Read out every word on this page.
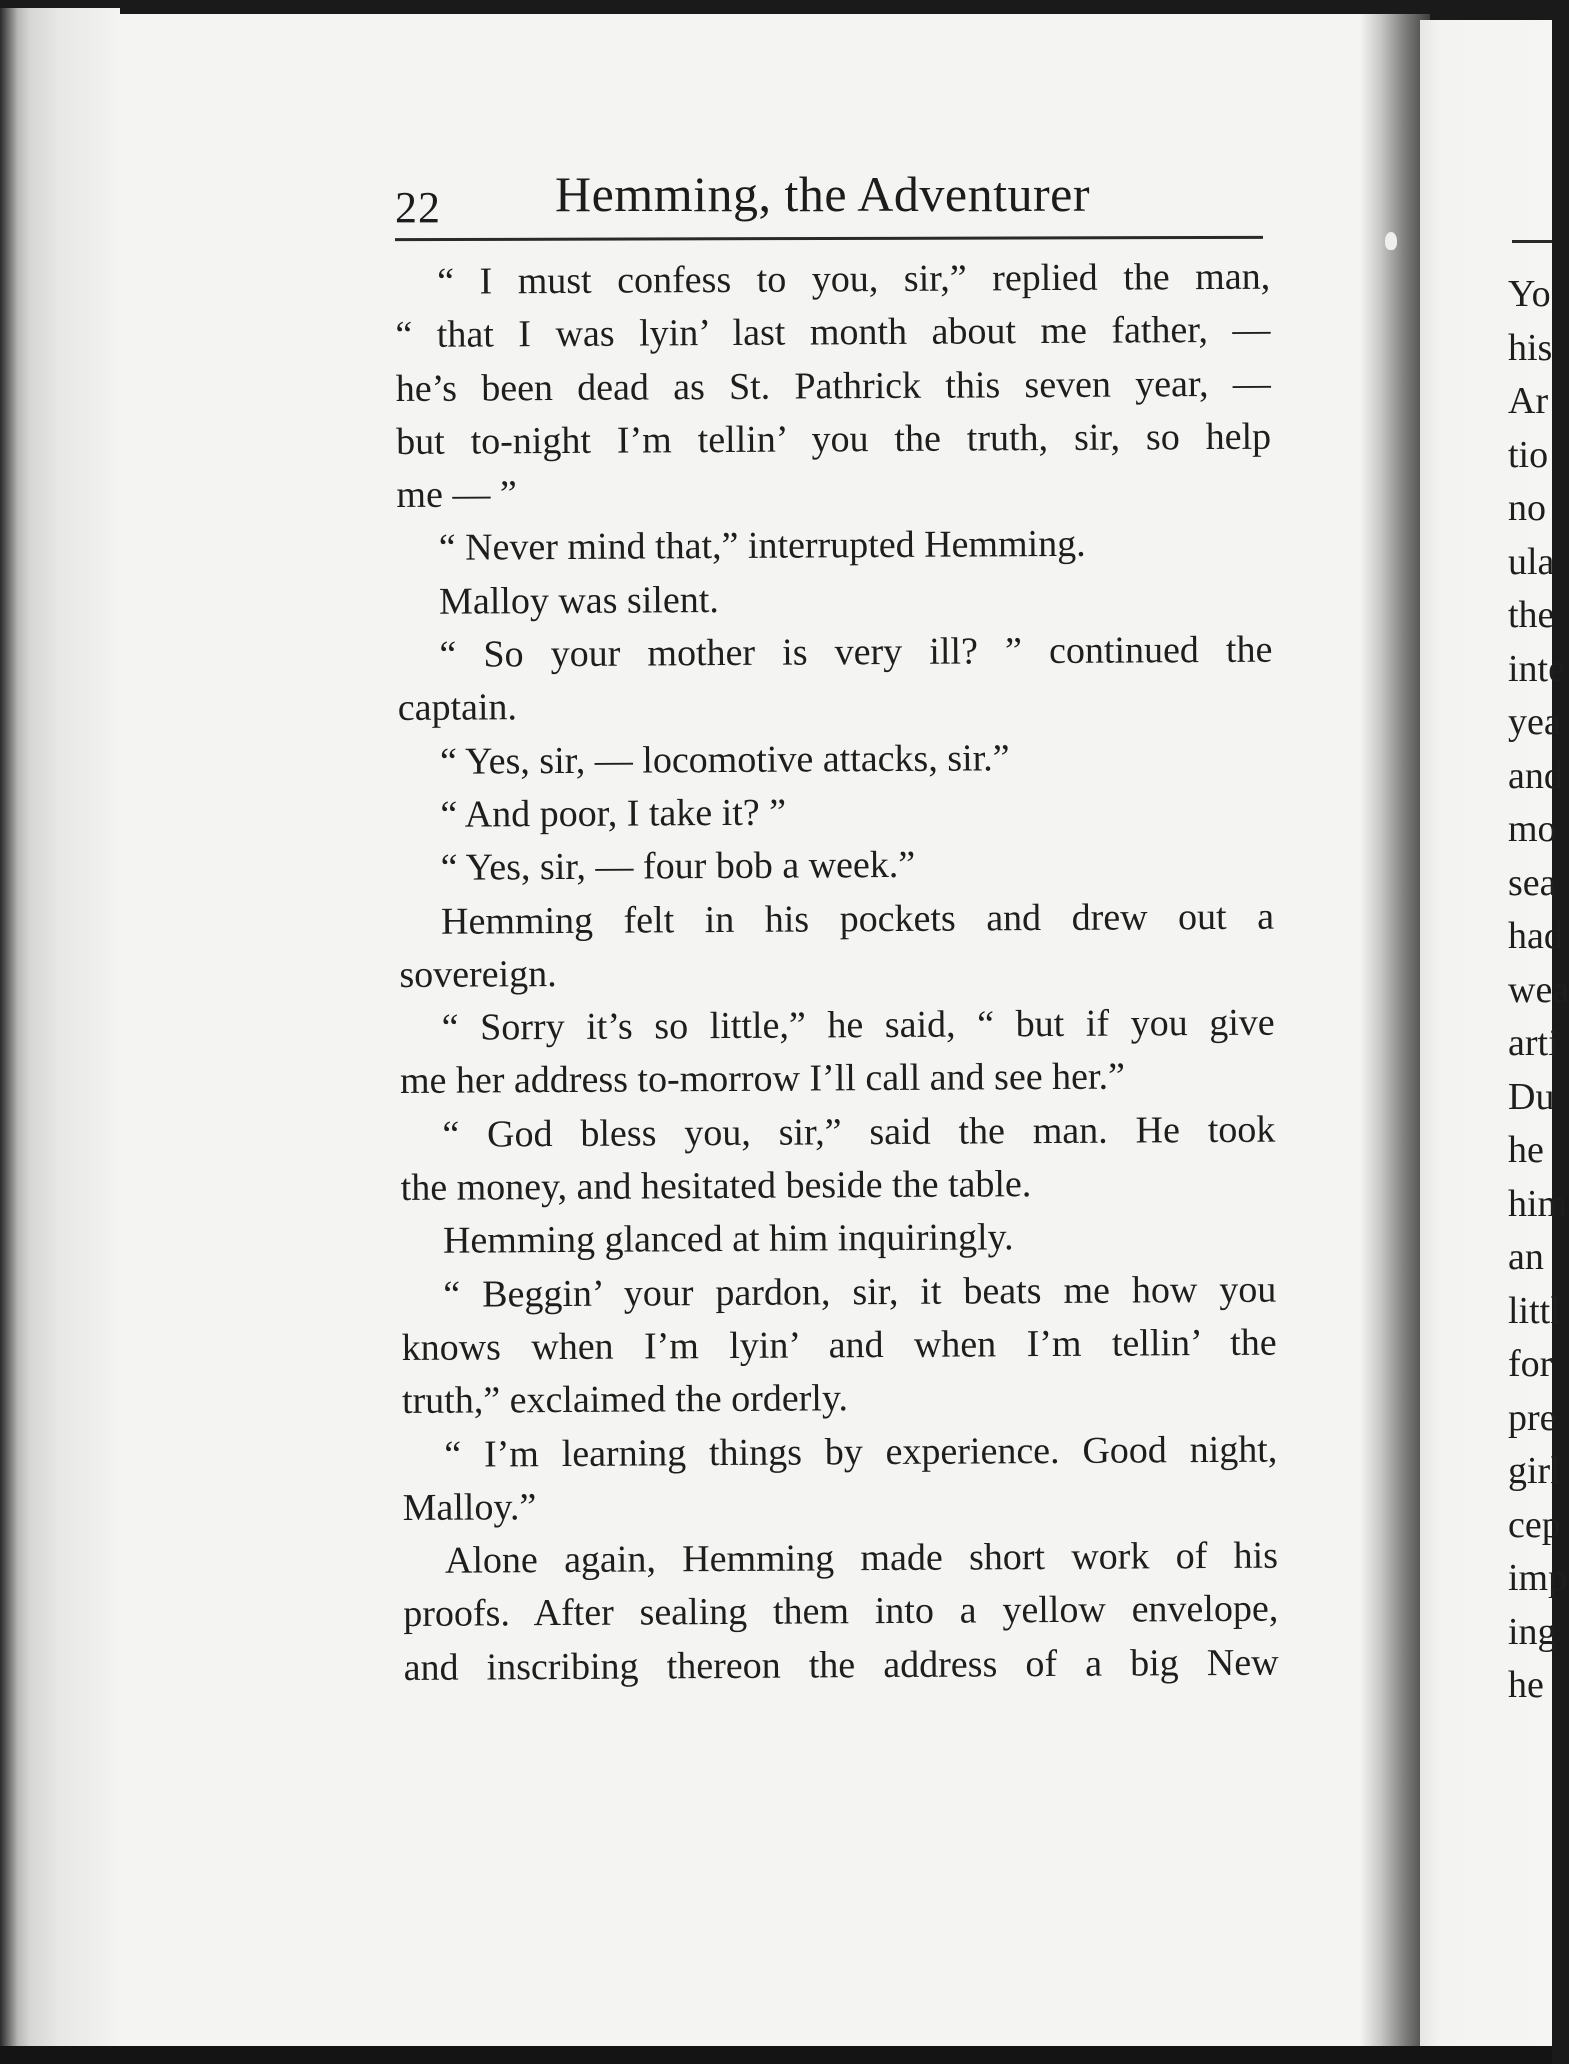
22 Hemming, the Adventurer
“ I must confess to you, sir,” replied the man,
“ that I was lyin’ last month about me father, —
he’s been dead as St. Pathrick this seven year, —
but to-night I’m tellin’ you the truth, sir, so help
me — ”
“ Never mind that,” interrupted Hemming.
Malloy was silent.
“ So your mother is very ill? ” continued the
captain.
“ Yes, sir, — locomotive attacks, sir.”
“ And poor, I take it? ”
“ Yes, sir, — four bob a week.”
Hemming felt in his pockets and drew out a
sovereign.
“ Sorry it’s so little,” he said, “ but if you give
me her address to-morrow I’ll call and see her.”
“ God bless you, sir,” said the man. He took
the money, and hesitated beside the table.
Hemming glanced at him inquiringly.
“ Beggin’ your pardon, sir, it beats me how you
knows when I’m lyin’ and when I’m tellin’ the
truth,” exclaimed the orderly.
“ I’m learning things by experience. Good night,
Malloy.”
Alone again, Hemming made short work of his
proofs. After sealing them into a yellow envelope,
and inscribing thereon the address of a big New
Yo
his
Ar
tio
no
ula
the
inte
yea
and
mo
sea
had
wea
arti
Du
he
him
an
littl
for
pre
girl
cep
imp
ing
he
